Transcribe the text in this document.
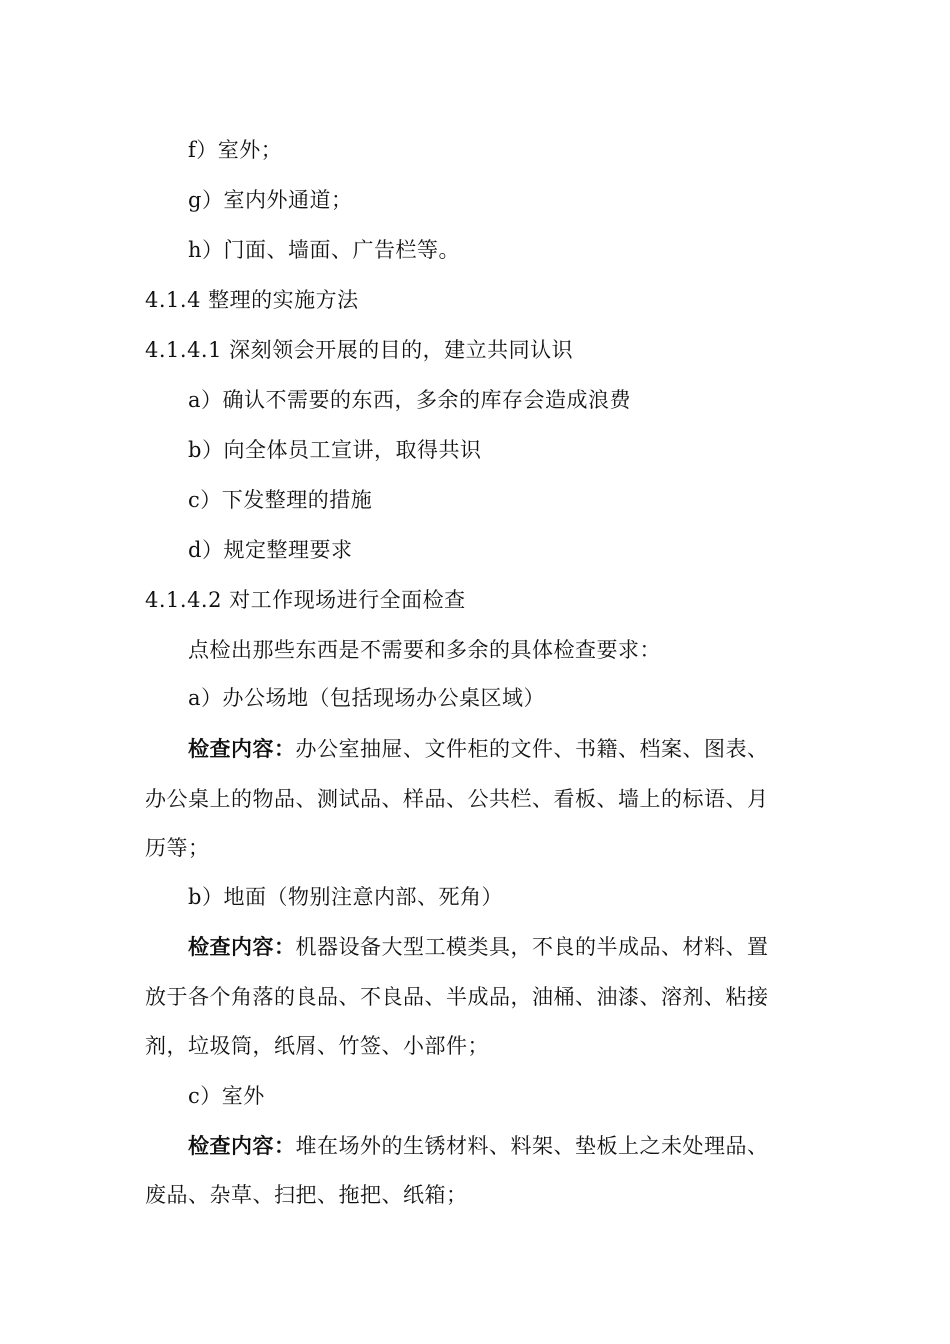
f）室外；
g）室内外通道；
h）门面、墙面、广告栏等。
4.1.4 整理的实施方法
4.1.4.1 深刻领会开展的目的，建立共同认识
a）确认不需要的东西，多余的库存会造成浪费
b）向全体员工宣讲，取得共识
c）下发整理的措施
d）规定整理要求
4.1.4.2 对工作现场进行全面检查
点检出那些东西是不需要和多余的具体检查要求：
a）办公场地（包括现场办公桌区域）
检查内容：办公室抽屉、文件柜的文件、书籍、档案、图表、
办公桌上的物品、测试品、样品、公共栏、看板、墙上的标语、月
历等；
b）地面（物别注意内部、死角）
检查内容：机器设备大型工模类具，不良的半成品、材料、置
放于各个角落的良品、不良品、半成品，油桶、油漆、溶剂、粘接
剂，垃圾筒，纸屑、竹签、小部件；
c）室外
检查内容：堆在场外的生锈材料、料架、垫板上之未处理品、
废品、杂草、扫把、拖把、纸箱；
